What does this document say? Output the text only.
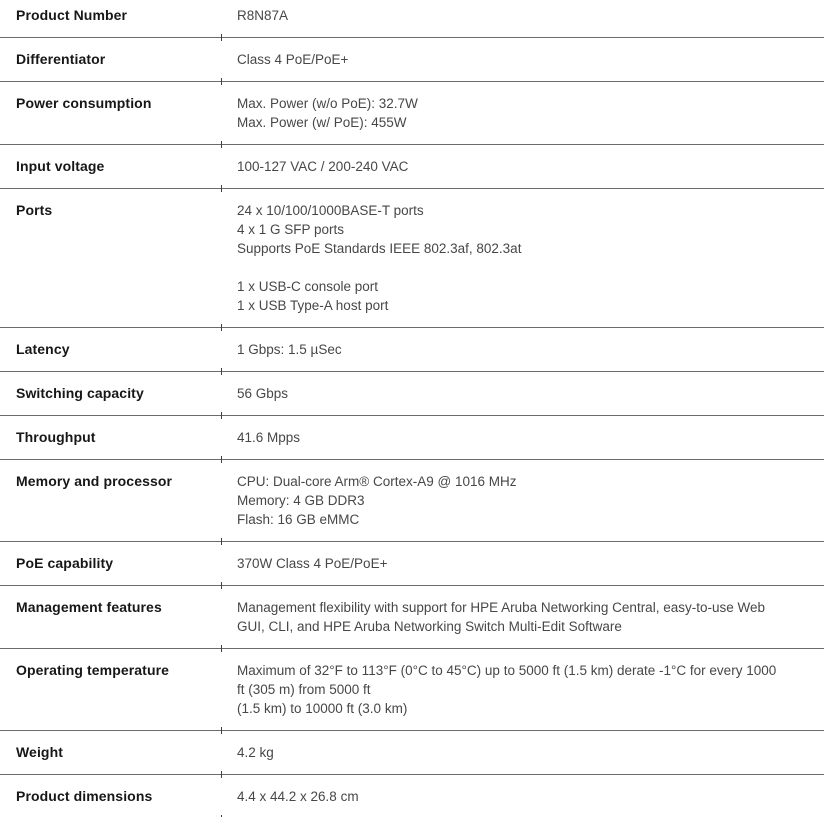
Product Number	R8N87A
Differentiator	Class 4 PoE/PoE+
Power consumption	Max. Power (w/o PoE): 32.7W
Max. Power (w/ PoE): 455W
Input voltage	100-127 VAC / 200-240 VAC
Ports	24 x 10/100/1000BASE-T ports
4 x 1 G SFP ports
Supports PoE Standards IEEE 802.3af, 802.3at
1 x USB-C console port
1 x USB Type-A host port
Latency	1 Gbps: 1.5 µSec
Switching capacity	56 Gbps
Throughput	41.6 Mpps
Memory and processor	CPU: Dual-core Arm® Cortex-A9 @ 1016 MHz
Memory: 4 GB DDR3
Flash: 16 GB eMMC
PoE capability	370W Class 4 PoE/PoE+
Management features	Management flexibility with support for HPE Aruba Networking Central, easy-to-use Web
GUI, CLI, and HPE Aruba Networking Switch Multi-Edit Software
Operating temperature	Maximum of 32°F to 113°F (0°C to 45°C) up to 5000 ft (1.5 km) derate -1°C for every 1000
ft (305 m) from 5000 ft
(1.5 km) to 10000 ft (3.0 km)
Weight	4.2 kg
Product dimensions	4.4 x 44.2 x 26.8 cm
